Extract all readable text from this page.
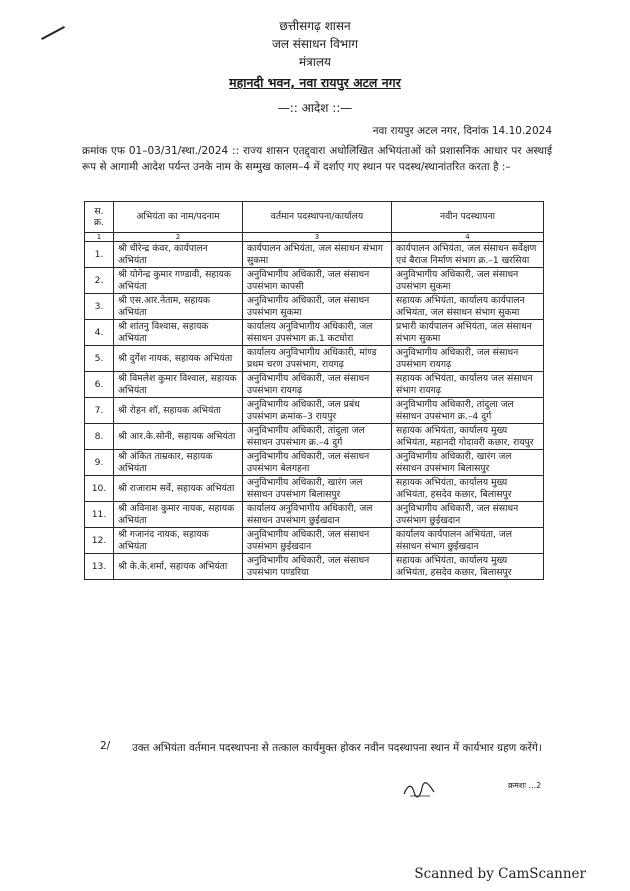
छत्तीसगढ़ शासन
जल संसाधन विभाग
मंत्रालय
महानदी भवन, नवा रायपुर अटल नगर
—:: आदेश ::—
नवा रायपुर अटल नगर, दिनांक 14.10.2024
क्रमांक एफ 01–03/31/स्था./2024 :: राज्य शासन एतद्द्वारा अधोलिखित अभियंताओं को प्रशासनिक आधार पर अस्थाई रूप से आगामी आदेश पर्यन्त उनके नाम के सम्मुख कालम–4 में दर्शाए गए स्थान पर पदस्थ/स्थानांतरित करता है :–
स. क्र.	अभियंता का नाम/पदनाम	वर्तमान पदस्थापना/कार्यालय	नवीन पदस्थापना
1	2	3	4
1.	श्री धीरेन्द्र कंवर, कार्यपालन अभियंता	कार्यपालन अभियंता, जल संसाधन संभाग सुकमा	कार्यपालन अभियंता, जल संसाधन सर्वेक्षण एवं बैराज निर्माण संभाग क्र.–1 खरसिया
2.	श्री योगेन्द्र कुमार गण्डावी, सहायक अभियंता	अनुविभागीय अधिकारी, जल संसाधन उपसंभाग कापसी	अनुविभागीय अधिकारी, जल संसाधन उपसंभाग सुकमा
3.	श्री एस.आर.नेताम, सहायक अभियंता	अनुविभागीय अधिकारी, जल संसाधन उपसंभाग सुकमा	सहायक अभियंता, कार्यालय कार्यपालन अभियंता, जल संसाधन संभाग सुकमा
4.	श्री शांतनु विश्वास, सहायक अभियंता	कार्यालय अनुविभागीय अधिकारी, जल संसाधन उपसंभाग क्र.1 कटघोरा	प्रभारी कार्यपालन अभियंता, जल संसाधन संभाग सुकमा
5.	श्री दुर्गेश नायक, सहायक अभियंता	कार्यालय अनुविभागीय अधिकारी, मांण्ड प्रथम चरण उपसंभाग, रायगढ़	अनुविभागीय अधिकारी, जल संसाधन उपसंभाग रायगढ़
6.	श्री विमलेश कुमार विश्वाल, सहायक अभियंता	अनुविभागीय अधिकारी, जल संसाधन उपसंभाग रायगढ़	सहायक अभियंता, कार्यालय जल संसाधन संभाग रायगढ़
7.	श्री रोहन शॉ, सहायक अभियंता	अनुविभागीय अधिकारी, जल प्रबंध उपसंभाग क्रमांक–3 रायपुर	अनुविभागीय अधिकारी, तांदुला जल संसाधन उपसंभाग क्र.–4 दुर्ग
8.	श्री आर.के.सोनी, सहायक अभियंता	अनुविभागीय अधिकारी, तांदुला जल संसाधन उपसंभाग क्र.–4 दुर्ग	सहायक अभियंता, कार्यालय मुख्य अभियंता, महानदी गोदावरी कछार, रायपुर
9.	श्री अंकित ताम्रकार, सहायक अभियंता	अनुविभागीय अधिकारी, जल संसाधन उपसंभाग बेलगहना	अनुविभागीय अधिकारी, खारंग जल संसाधन उपसंभाग बिलासपुर
10.	श्री राजाराम सर्वे, सहायक अभियंता	अनुविभागीय अधिकारी, खारंग जल संसाधन उपसंभाग बिलासपुर	सहायक अभियंता, कार्यालय मुख्य अभियंता, हसदेव कछार, बिलासपुर
11.	श्री अविनाश कुमार नायक, सहायक अभियंता	कार्यालय अनुविभागीय अधिकारी, जल संसाधन उपसंभाग छुईखदान	अनुविभागीय अधिकारी, जल संसाधन उपसंभाग छुईखदान
12.	श्री गजानंद नायक, सहायक अभियंता	अनुविभागीय अधिकारी, जल संसाधन उपसंभाग छुईखदान	कार्यालय कार्यपालन अभियंता, जल संसाधन संभाग छुईखदान
13.	श्री के.के.शर्मा, सहायक अभियंता	अनुविभागीय अधिकारी, जल संसाधन उपसंभाग पण्डरिया	सहायक अभियंता, कार्यालय मुख्य अभियंता, हसदेव कछार, बिलासपुर
2/ उक्त अभियंता वर्तमान पदस्थापना से तत्काल कार्यमुक्त होकर नवीन पदस्थापना स्थान में कार्यभार ग्रहण करेंगे।
क्रमशः ...2
Scanned by CamScanner
